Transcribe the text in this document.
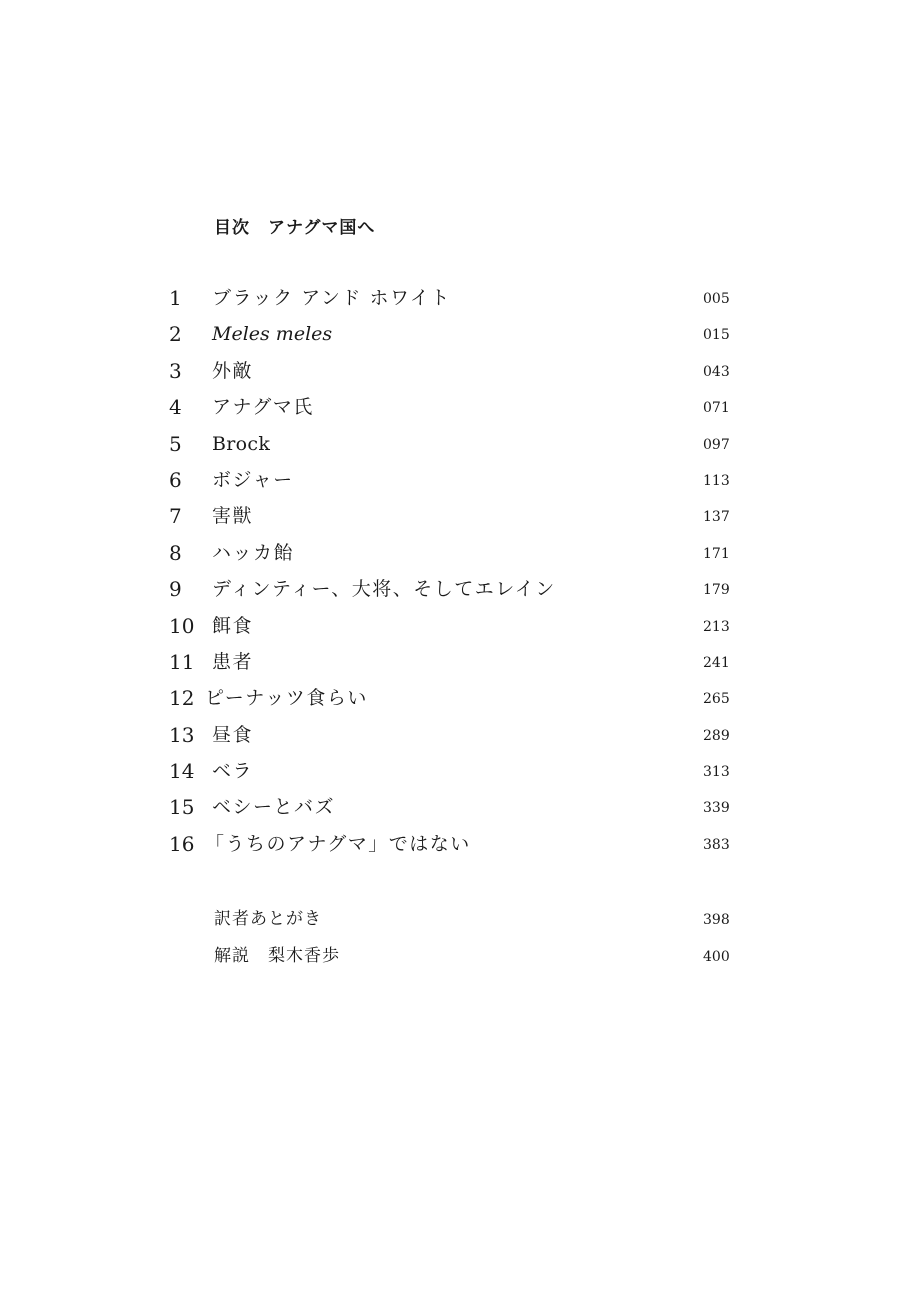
目次　アナグマ国へ
1 ブラック アンド ホワイト	005
2 Meles meles	015
3 外敵	043
4 アナグマ氏	071
5 Brock	097
6 ボジャー	113
7 害獣	137
8 ハッカ飴	171
9 ディンティー、大将、そしてエレイン	179
10 餌食	213
11 患者	241
12 ピーナッツ食らい	265
13 昼食	289
14 ベラ	313
15 ベシーとバズ	339
16 「うちのアナグマ」ではない	383
訳者あとがき	398
解説　梨木香歩	400
